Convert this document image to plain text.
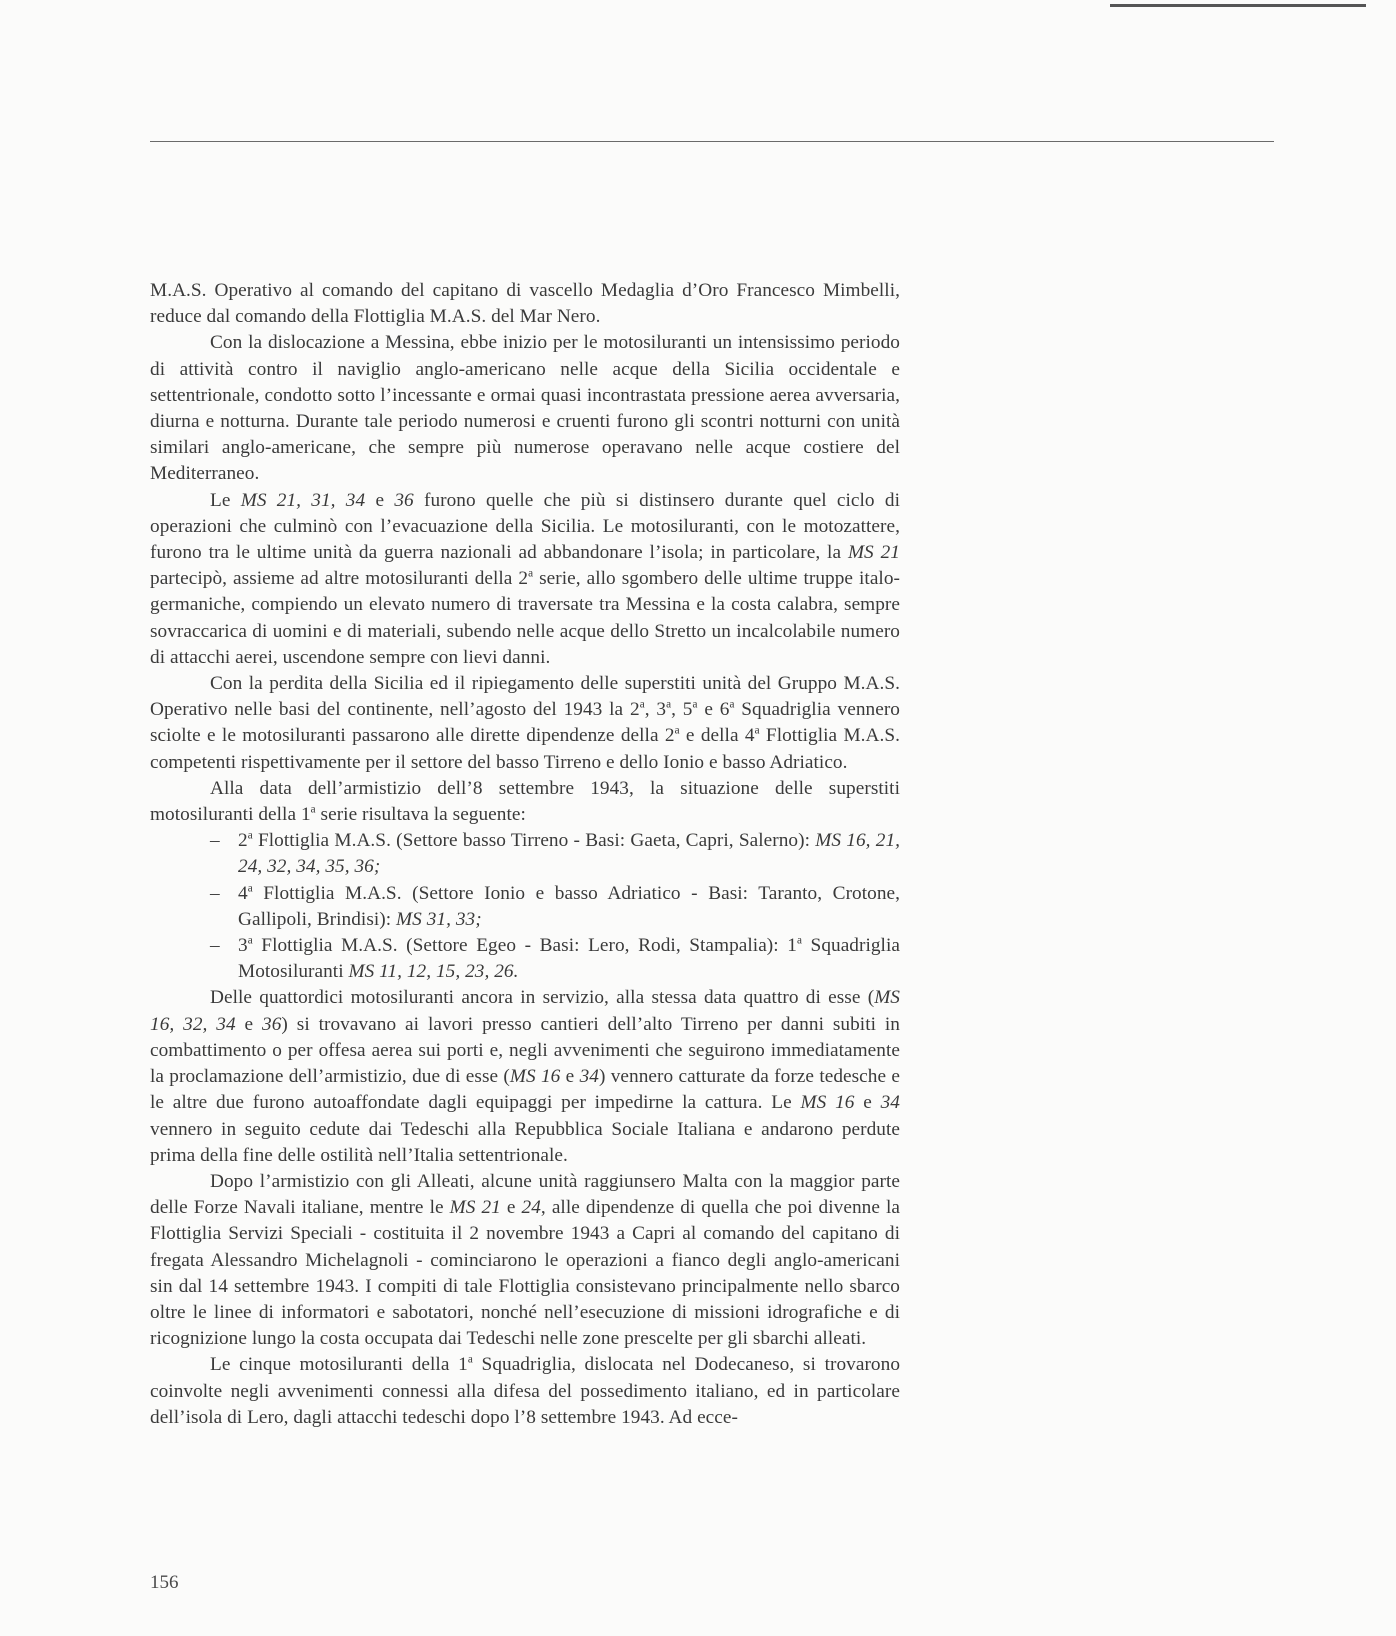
M.A.S. Operativo al comando del capitano di vascello Medaglia d’Oro Francesco Mimbelli, reduce dal comando della Flottiglia M.A.S. del Mar Nero.

Con la dislocazione a Messina, ebbe inizio per le motosiluranti un intensissimo periodo di attività contro il naviglio anglo-americano nelle acque della Sicilia occidentale e settentrionale, condotto sotto l’incessante e ormai quasi incontrastata pressione aerea avversaria, diurna e notturna. Durante tale periodo numerosi e cruenti furono gli scontri notturni con unità similari anglo-americane, che sempre più numerose operavano nelle acque costiere del Mediterraneo.

Le MS 21, 31, 34 e 36 furono quelle che più si distinsero durante quel ciclo di operazioni che culminò con l’evacuazione della Sicilia. Le motosiluranti, con le motozattere, furono tra le ultime unità da guerra nazionali ad abbandonare l’isola; in particolare, la MS 21 partecipò, assieme ad altre motosiluranti della 2$^a$ serie, allo sgombero delle ultime truppe italo-germaniche, compiendo un elevato numero di traversate tra Messina e la costa calabra, sempre sovraccarica di uomini e di materiali, subendo nelle acque dello Stretto un incalcolabile numero di attacchi aerei, uscendone sempre con lievi danni.

Con la perdita della Sicilia ed il ripiegamento delle superstiti unità del Gruppo M.A.S. Operativo nelle basi del continente, nell’agosto del 1943 la 2$^a$, 3$^a$, 5$^a$ e 6$^a$ Squadriglia vennero sciolte e le motosiluranti passarono alle dirette dipendenze della 2$^a$ e della 4$^a$ Flottiglia M.A.S. competenti rispettivamente per il settore del basso Tirreno e dello Ionio e basso Adriatico.

Alla data dell’armistizio dell’8 settembre 1943, la situazione delle superstiti motosiluranti della 1$^a$ serie risultava la seguente:

– 2$^a$ Flottiglia M.A.S. (Settore basso Tirreno - Basi: Gaeta, Capri, Salerno): MS 16, 21, 24, 32, 34, 35, 36;

– 4$^a$ Flottiglia M.A.S. (Settore Ionio e basso Adriatico - Basi: Taranto, Crotone, Gallipoli, Brindisi): MS 31, 33;

– 3$^a$ Flottiglia M.A.S. (Settore Egeo - Basi: Lero, Rodi, Stampalia): 1$^a$ Squadriglia Motosiluranti MS 11, 12, 15, 23, 26.

Delle quattordici motosiluranti ancora in servizio, alla stessa data quattro di esse (MS 16, 32, 34 e 36) si trovavano ai lavori presso cantieri dell’alto Tirreno per danni subiti in combattimento o per offesa aerea sui porti e, negli avvenimenti che seguirono immediatamente la proclamazione dell’armistizio, due di esse (MS 16 e 34) vennero catturate da forze tedesche e le altre due furono autoaffondate dagli equipaggi per impedirne la cattura. Le MS 16 e 34 vennero in seguito cedute dai Tedeschi alla Repubblica Sociale Italiana e andarono perdute prima della fine delle ostilità nell’Italia settentrionale.

Dopo l’armistizio con gli Alleati, alcune unità raggiunsero Malta con la maggior parte delle Forze Navali italiane, mentre le MS 21 e 24, alle dipendenze di quella che poi divenne la Flottiglia Servizi Speciali - costituita il 2 novembre 1943 a Capri al comando del capitano di fregata Alessandro Michelagnoli - cominciarono le operazioni a fianco degli anglo-americani sin dal 14 settembre 1943. I compiti di tale Flottiglia consistevano principalmente nello sbarco oltre le linee di informatori e sabotatori, nonché nell’esecuzione di missioni idrografiche e di ricognizione lungo la costa occupata dai Tedeschi nelle zone prescelte per gli sbarchi alleati.

Le cinque motosiluranti della 1$^a$ Squadriglia, dislocata nel Dodecaneso, si trovarono coinvolte negli avvenimenti connessi alla difesa del possedimento italiano, ed in particolare dell’isola di Lero, dagli attacchi tedeschi dopo l’8 settembre 1943. Ad ecce-

156
